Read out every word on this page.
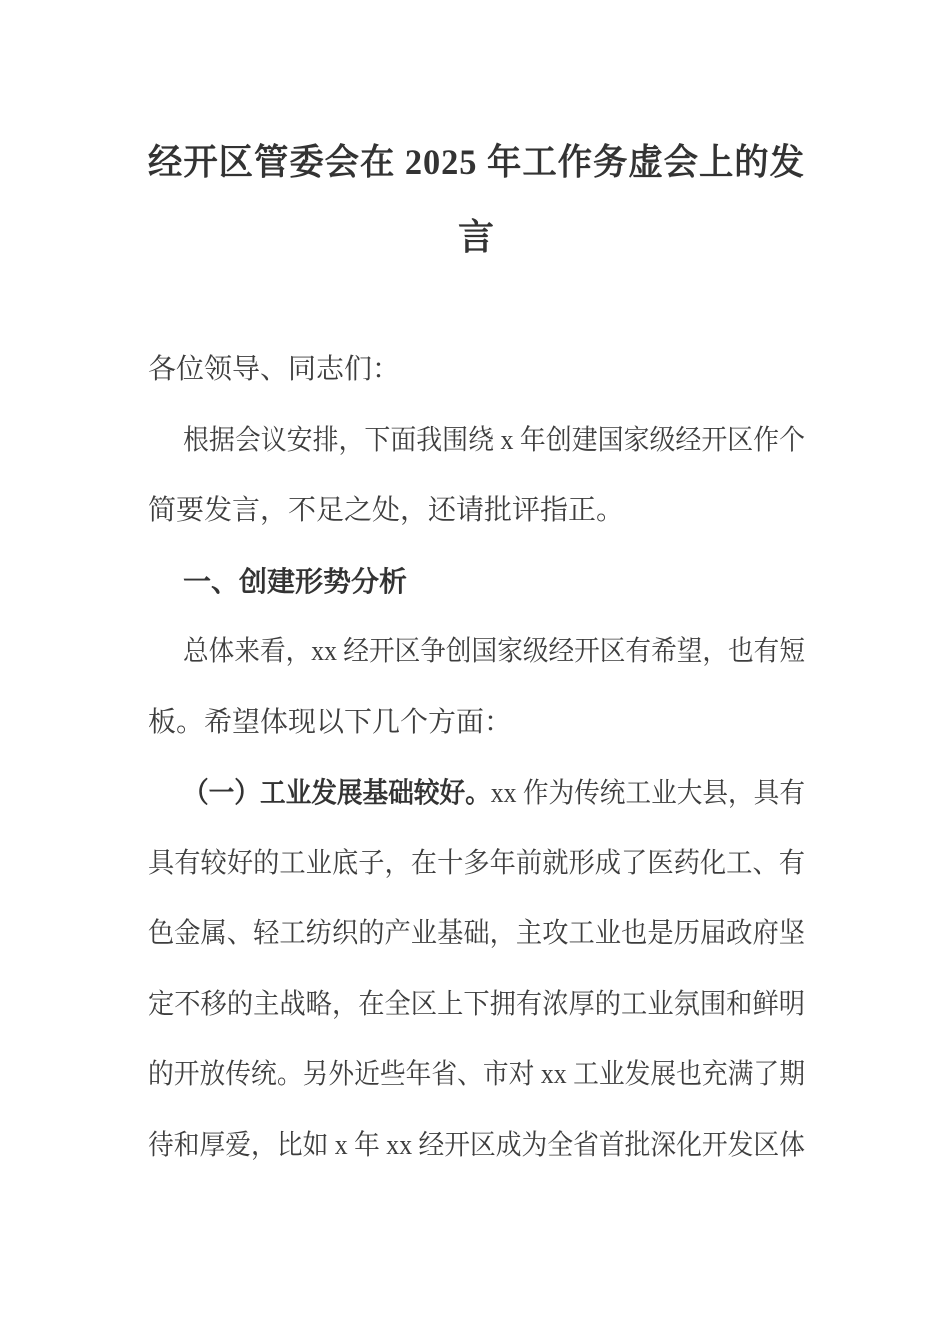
经开区管委会在 2025 年工作务虚会上的发
言
各位领导、同志们：
根据会议安排，下面我围绕 x 年创建国家级经开区作个
简要发言，不足之处，还请批评指正。
一、创建形势分析
总体来看，xx 经开区争创国家级经开区有希望，也有短
板。希望体现以下几个方面：
（一）工业发展基础较好。xx 作为传统工业大县，具有
具有较好的工业底子，在十多年前就形成了医药化工、有
色金属、轻工纺织的产业基础，主攻工业也是历届政府坚
定不移的主战略，在全区上下拥有浓厚的工业氛围和鲜明
的开放传统。另外近些年省、市对 xx 工业发展也充满了期
待和厚爱，比如 x 年 xx 经开区成为全省首批深化开发区体
